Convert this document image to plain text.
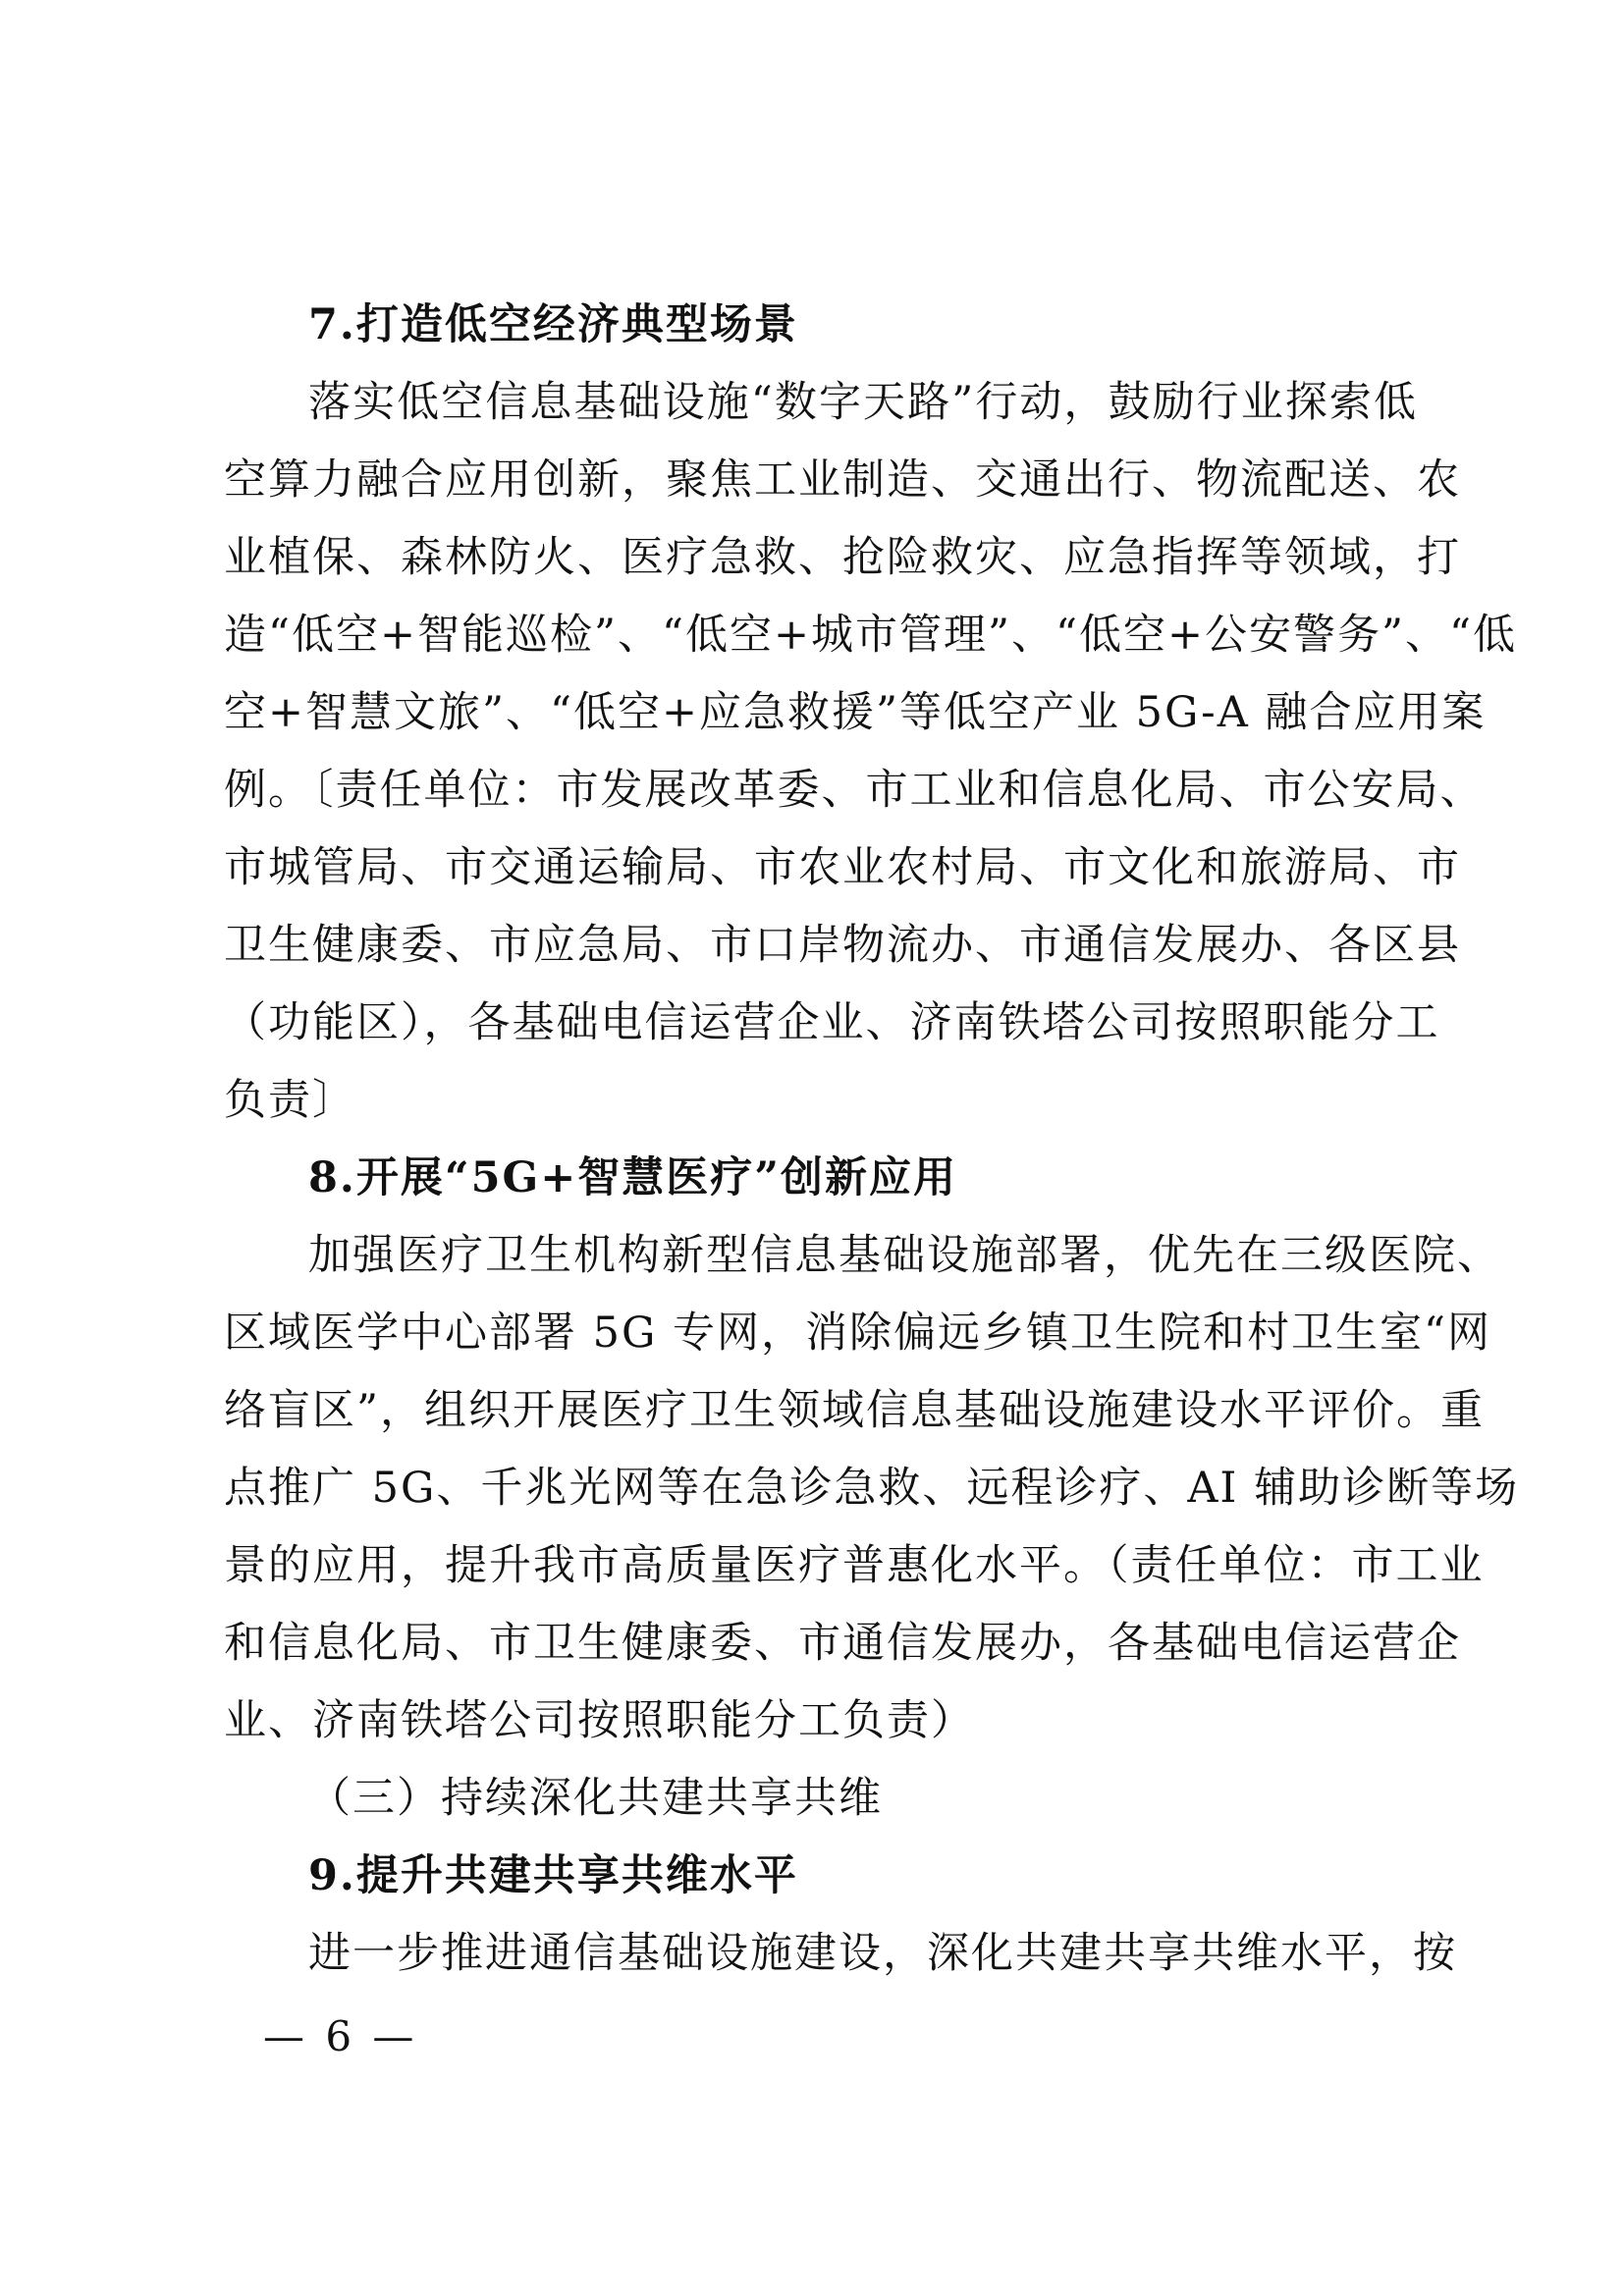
7.打造低空经济典型场景
落实低空信息基础设施“数字天路”行动，鼓励行业探索低
空算力融合应用创新，聚焦工业制造、交通出行、物流配送、农
业植保、森林防火、医疗急救、抢险救灾、应急指挥等领域，打
造“低空+智能巡检”、“低空+城市管理”、“低空+公安警务”、“低
空+智慧文旅”、“低空+应急救援”等低空产业 5G-A 融合应用案
例。〔责任单位：市发展改革委、市工业和信息化局、市公安局、
市城管局、市交通运输局、市农业农村局、市文化和旅游局、市
卫生健康委、市应急局、市口岸物流办、市通信发展办、各区县
（功能区），各基础电信运营企业、济南铁塔公司按照职能分工
负责〕
8.开展“5G+智慧医疗”创新应用
加强医疗卫生机构新型信息基础设施部署，优先在三级医院、
区域医学中心部署 5G 专网，消除偏远乡镇卫生院和村卫生室“网
络盲区”，组织开展医疗卫生领域信息基础设施建设水平评价。重
点推广 5G、千兆光网等在急诊急救、远程诊疗、AI 辅助诊断等场
景的应用，提升我市高质量医疗普惠化水平。（责任单位：市工业
和信息化局、市卫生健康委、市通信发展办，各基础电信运营企
业、济南铁塔公司按照职能分工负责）
（三）持续深化共建共享共维
9.提升共建共享共维水平
进一步推进通信基础设施建设，深化共建共享共维水平，按
— 6 —
